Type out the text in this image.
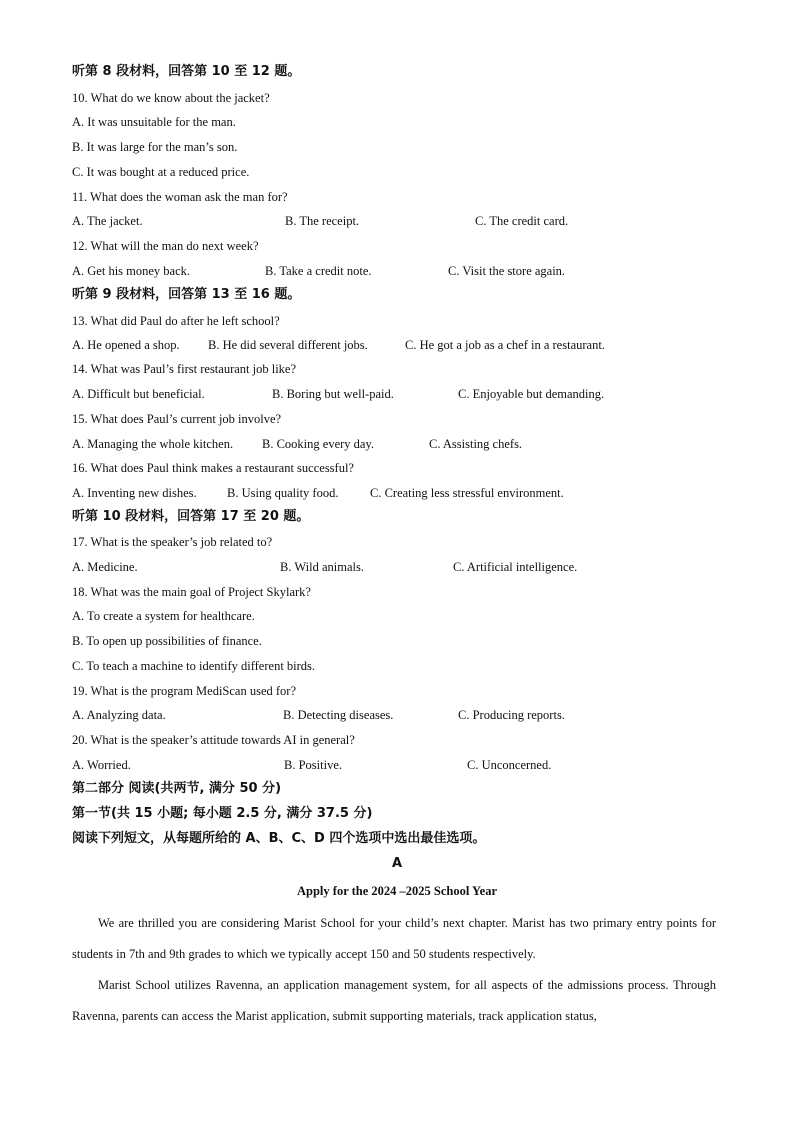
听第 8 段材料，回答第 10 至 12 题。
10. What do we know about the jacket?
A. It was unsuitable for the man.
B. It was large for the man’s son.
C. It was bought at a reduced price.
11. What does the woman ask the man for?
A. The jacket.	B. The receipt.	C. The credit card.
12. What will the man do next week?
A. Get his money back.	B. Take a credit note.	C. Visit the store again.
听第 9 段材料，回答第 13 至 16 题。
13. What did Paul do after he left school?
A. He opened a shop. B. He did several different jobs.	C. He got a job as a chef in a restaurant.
14. What was Paul’s first restaurant job like?
A. Difficult but beneficial.	B. Boring but well-paid.	C. Enjoyable but demanding.
15. What does Paul’s current job involve?
A. Managing the whole kitchen. B. Cooking every day.	C. Assisting chefs.
16. What does Paul think makes a restaurant successful?
A. Inventing new dishes. B. Using quality food.	C. Creating less stressful environment.
听第 10 段材料，回答第 17 至 20 题。
17. What is the speaker’s job related to?
A. Medicine.	B. Wild animals.	C. Artificial intelligence.
18. What was the main goal of Project Skylark?
A. To create a system for healthcare.
B. To open up possibilities of finance.
C. To teach a machine to identify different birds.
19. What is the program MediScan used for?
A. Analyzing data.	B. Detecting diseases.	C. Producing reports.
20. What is the speaker’s attitude towards AI in general?
A. Worried.	B. Positive.	C. Unconcerned.
第二部分 阅读(共两节, 满分 50 分)
第一节(共 15 小题; 每小题 2.5 分, 满分 37.5 分)
阅读下列短文，从每题所给的 A、B、C、D 四个选项中选出最佳选项。
A
Apply for the 2024 –2025 School Year
We are thrilled you are considering Marist School for your child’s next chapter. Marist has two primary entry points for students in 7th and 9th grades to which we typically accept 150 and 50 students respectively.
Marist School utilizes Ravenna, an application management system, for all aspects of the admissions process. Through Ravenna, parents can access the Marist application, submit supporting materials, track application status,
